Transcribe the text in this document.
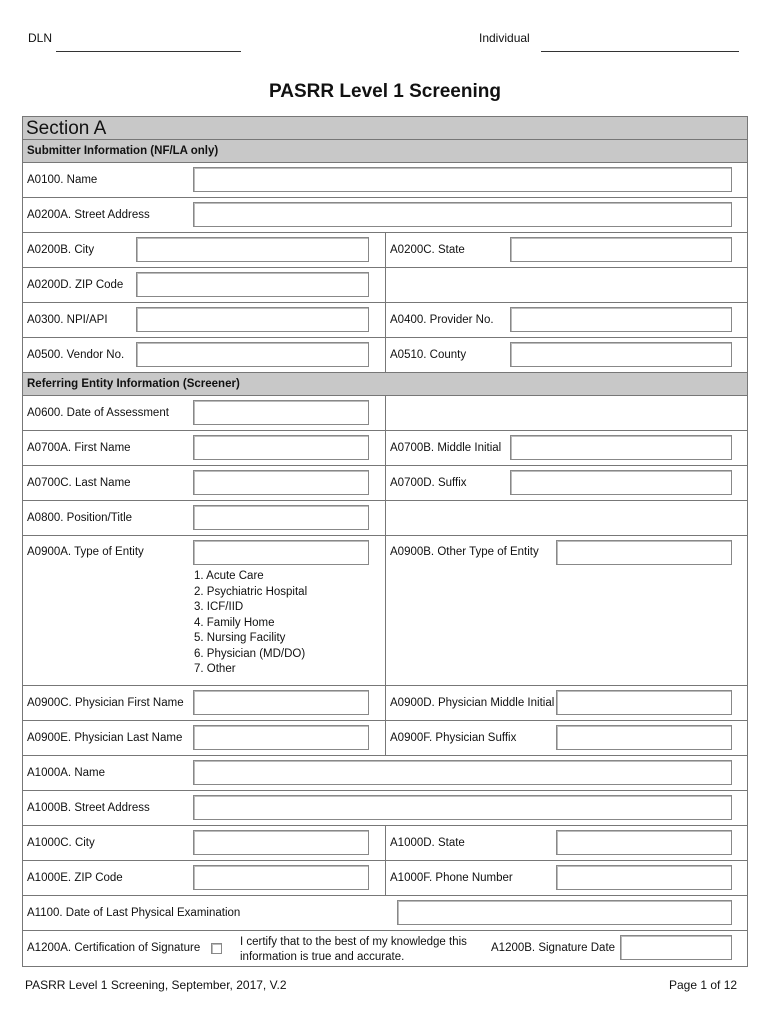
DLN	Individual
PASRR Level 1 Screening
Section A
Submitter Information (NF/LA only)
A0100. Name
A0200A. Street Address
A0200B. City	A0200C. State
A0200D. ZIP Code
A0300. NPI/API	A0400. Provider No.
A0500. Vendor No.	A0510. County
Referring Entity Information (Screener)
A0600. Date of Assessment
A0700A. First Name	A0700B. Middle Initial
A0700C. Last Name	A0700D. Suffix
A0800. Position/Title
A0900A. Type of Entity
1. Acute Care
2. Psychiatric Hospital
3. ICF/IID
4. Family Home
5. Nursing Facility
6. Physician (MD/DO)
7. Other
A0900B. Other Type of Entity
A0900C. Physician First Name	A0900D. Physician Middle Initial
A0900E. Physician Last Name	A0900F. Physician Suffix
A1000A. Name
A1000B. Street Address
A1000C. City	A1000D. State
A1000E. ZIP Code	A1000F. Phone Number
A1100. Date of Last Physical Examination
A1200A. Certification of Signature	I certify that to the best of my knowledge this information is true and accurate.
A1200B. Signature Date
PASRR Level 1 Screening, September, 2017, V.2	Page 1 of 12
